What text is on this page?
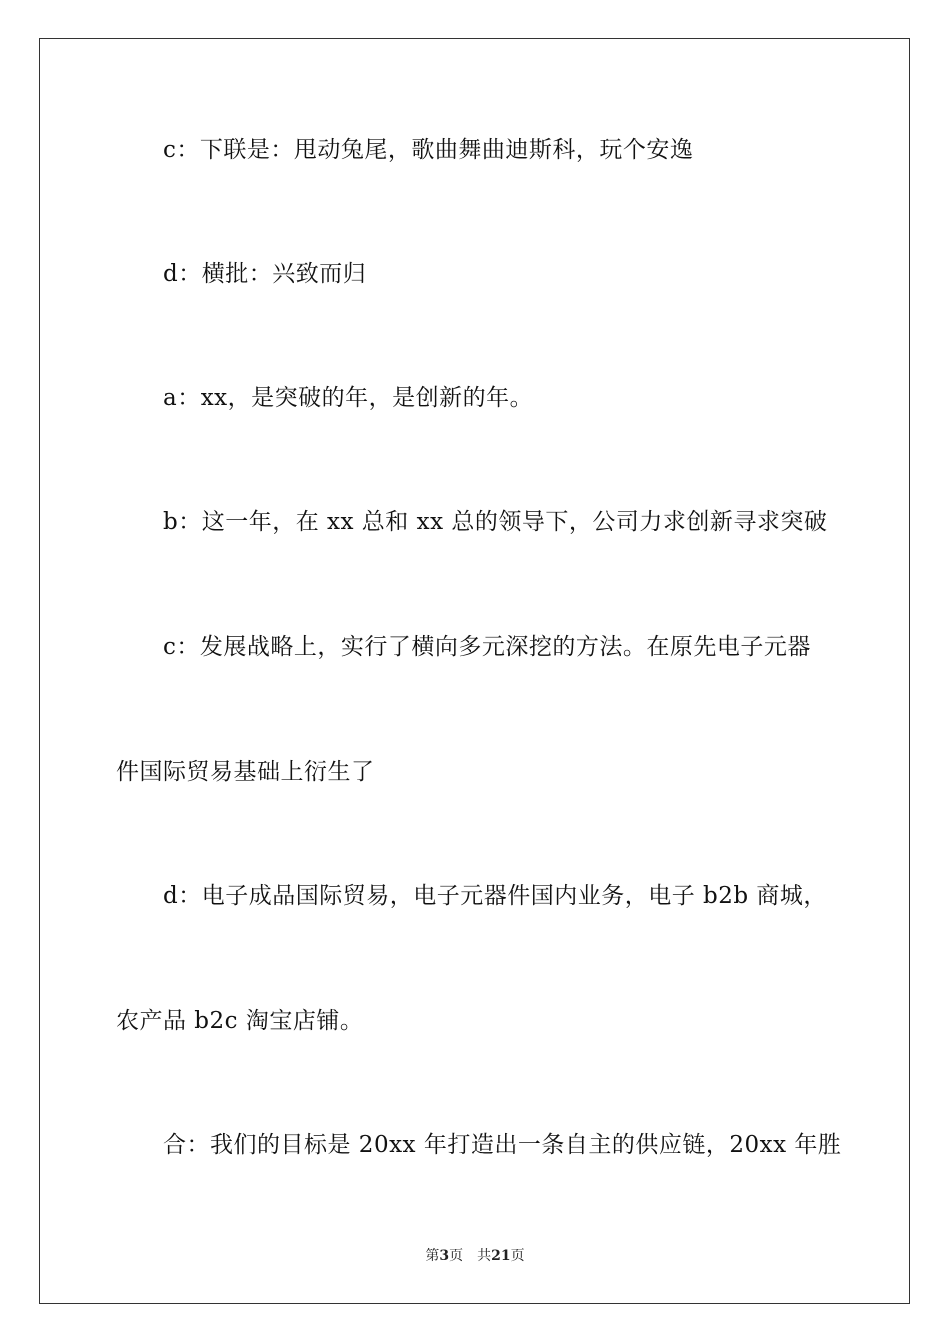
c：下联是：甩动兔尾，歌曲舞曲迪斯科，玩个安逸
d：横批：兴致而归
a：xx，是突破的年，是创新的年。
b：这一年，在 xx 总和 xx 总的领导下，公司力求创新寻求突破
c：发展战略上，实行了横向多元深挖的方法。在原先电子元器
件国际贸易基础上衍生了
d：电子成品国际贸易，电子元器件国内业务，电子 b2b 商城，
农产品 b2c 淘宝店铺。
合：我们的目标是 20xx 年打造出一条自主的供应链，20xx 年胜
第3页 共21页
